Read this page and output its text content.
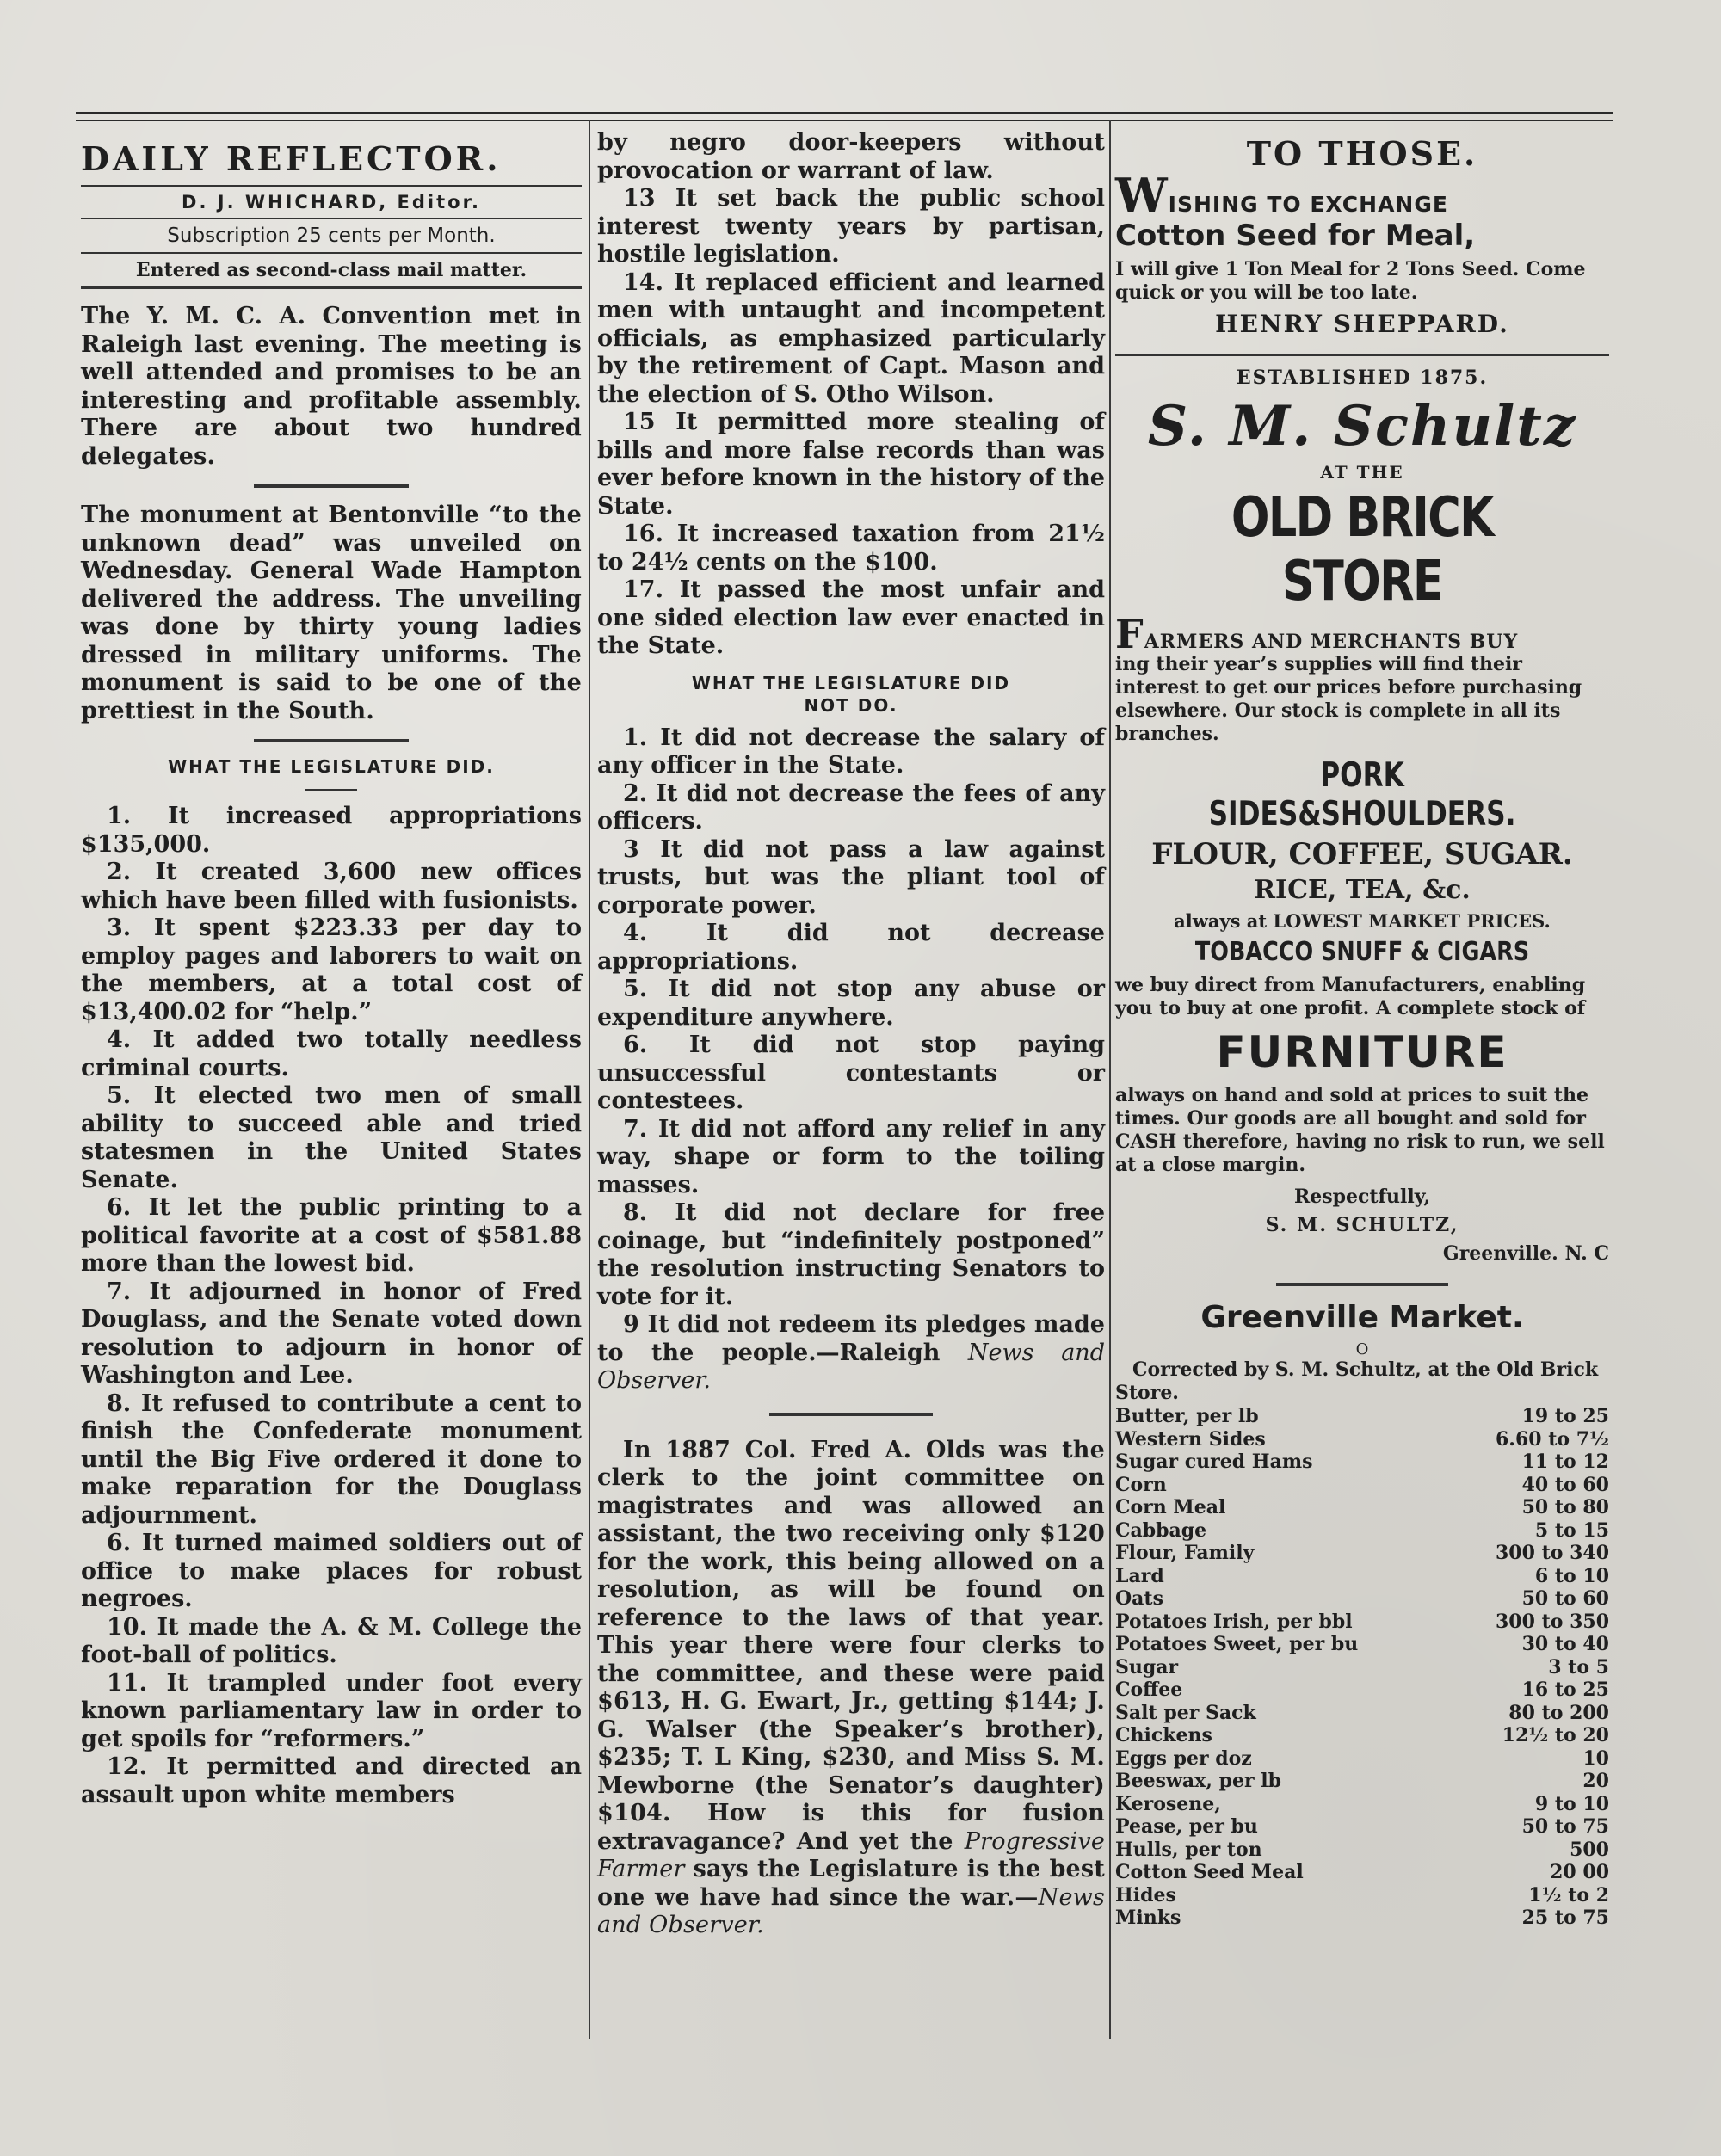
DAILY REFLECTOR.
D. J. WHICHARD, Editor.
Subscription 25 cents per Month.
Entered as second-class mail matter.

The Y. M. C. A. Convention met in Raleigh last evening. The meeting is well attended and promises to be an interesting and profitable assembly. There are about two hundred delegates.

The monument at Bentonville “to the unknown dead” was unveiled on Wednesday. General Wade Hampton delivered the address. The unveiling was done by thirty young ladies dressed in military uniforms. The monument is said to be one of the prettiest in the South.

WHAT THE LEGISLATURE DID.

1. It increased appropriations $135,000.

2. It created 3,600 new offices which have been filled with fusionists.

3. It spent $223.33 per day to employ pages and laborers to wait on the members, at a total cost of $13,400.02 for “help.”

4. It added two totally needless criminal courts.

5. It elected two men of small ability to succeed able and tried statesmen in the United States Senate.

6. It let the public printing to a political favorite at a cost of $581.88 more than the lowest bid.

7. It adjourned in honor of Fred Douglass, and the Senate voted down resolution to adjourn in honor of Washington and Lee.

8. It refused to contribute a cent to finish the Confederate monument until the Big Five ordered it done to make reparation for the Douglass adjournment.

6. It turned maimed soldiers out of office to make places for robust negroes.

10. It made the A. & M. College the foot-ball of politics.

11. It trampled under foot every known parliamentary law in order to get spoils for “reformers.”

12. It permitted and directed an assault upon white members

by negro door-keepers without provocation or warrant of law.

13 It set back the public school interest twenty years by partisan, hostile legislation.

14. It replaced efficient and learned men with untaught and incompetent officials, as emphasized particularly by the retirement of Capt. Mason and the election of S. Otho Wilson.

15 It permitted more stealing of bills and more false records than was ever before known in the history of the State.

16. It increased taxation from 21½ to 24½ cents on the $100.

17. It passed the most unfair and one sided election law ever enacted in the State.

WHAT THE LEGISLATURE DID
NOT DO.

1. It did not decrease the salary of any officer in the State.

2. It did not decrease the fees of any officers.

3 It did not pass a law against trusts, but was the pliant tool of corporate power.

4. It did not decrease appropriations.

5. It did not stop any abuse or expenditure anywhere.

6. It did not stop paying unsuccessful contestants or contestees.

7. It did not afford any relief in any way, shape or form to the toiling masses.

8. It did not declare for free coinage, but “indefinitely postponed” the resolution instructing Senators to vote for it.

9 It did not redeem its pledges made to the people.—Raleigh News and Observer.

In 1887 Col. Fred A. Olds was the clerk to the joint committee on magistrates and was allowed an assistant, the two receiving only $120 for the work, this being allowed on a resolution, as will be found on reference to the laws of that year. This year there were four clerks to the committee, and these were paid $613, H. G. Ewart, Jr., getting $144; J. G. Walser (the Speaker’s brother), $235; T. L King, $230, and Miss S. M. Mewborne (the Senator’s daughter) $104. How is this for fusion extravagance? And yet the Progressive Farmer says the Legislature is the best one we have had since the war.—News and Observer.

TO THOSE.

WISHING TO EXCHANGE

Cotton Seed for Meal,

I will give 1 Ton Meal for 2 Tons Seed. Come quick or you will be too late.

HENRY SHEPPARD.
ESTABLISHED 1875.

S. M. Schultz

AT THE
OLD BRICK STORE

FARMERS AND MERCHANTS BUY

ing their year’s supplies will find their interest to get our prices before purchasing elsewhere. Our stock is complete in all its branches.

PORK SIDES&SHOULDERS.
FLOUR, COFFEE, SUGAR.
RICE, TEA, &c.
always at LOWEST MARKET PRICES.
TOBACCO SNUFF & CIGARS

we buy direct from Manufacturers, enabling you to buy at one profit. A complete stock of

FURNITURE

always on hand and sold at prices to suit the times. Our goods are all bought and sold for CASH therefore, having no risk to run, we sell at a close margin.

Respectfully,
S. M. SCHULTZ,
Greenville. N. C
Greenville Market.

O

Corrected by S. M. Schultz, at the Old Brick Store.

Butter, per lb	19 to 25
Western Sides	6.60 to 7½
Sugar cured Hams	11 to 12
Corn	40 to 60
Corn Meal	50 to 80
Cabbage	5 to 15
Flour, Family	300 to 340
Lard	6 to 10
Oats	50 to 60
Potatoes Irish, per bbl	300 to 350
Potatoes Sweet, per bu	30 to 40
Sugar	3 to 5
Coffee	16 to 25
Salt per Sack	80 to 200
Chickens	12½ to 20
Eggs per doz	10
Beeswax, per lb	20
Kerosene,	9 to 10
Pease, per bu	50 to 75
Hulls, per ton	500
Cotton Seed Meal	20 00
Hides	1½ to 2
Minks	25 to 75
